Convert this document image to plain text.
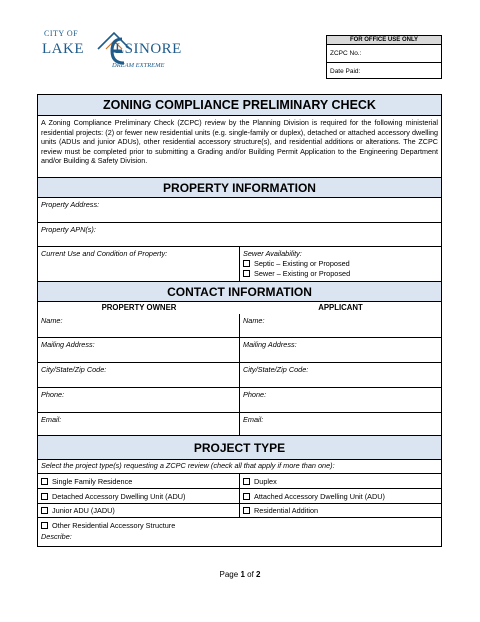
CITY OF
LAKE LSINORE
DREAM EXTREME
FOR OFFICE USE ONLY
ZCPC No.:
Date Paid:
ZONING COMPLIANCE PRELIMINARY CHECK
A Zoning Compliance Preliminary Check (ZCPC) review by the Planning Division is required for the following ministerial residential projects: (2) or fewer new residential units (e.g. single-family or duplex), detached or attached accessory dwelling units (ADUs and junior ADUs), other residential accessory structure(s), and residential additions or alterations. The ZCPC review must be completed prior to submitting a Grading and/or Building Permit Application to the Engineering Department and/or Building & Safety Division.
PROPERTY INFORMATION
Property Address:
Property APN(s):
Current Use and Condition of Property:	Sewer Availability:
Septic – Existing or Proposed
Sewer – Existing or Proposed
CONTACT INFORMATION
PROPERTY OWNER	APPLICANT
Name:	Name:
Mailing Address:	Mailing Address:
City/State/Zip Code:	City/State/Zip Code:
Phone:	Phone:
Email:	Email:
PROJECT TYPE
Select the project type(s) requesting a ZCPC review (check all that apply if more than one):
Single Family Residence	Duplex
Detached Accessory Dwelling Unit (ADU)	Attached Accessory Dwelling Unit (ADU)
Junior ADU (JADU)	Residential Addition
Other Residential Accessory Structure
Describe:
Page 1 of 2
